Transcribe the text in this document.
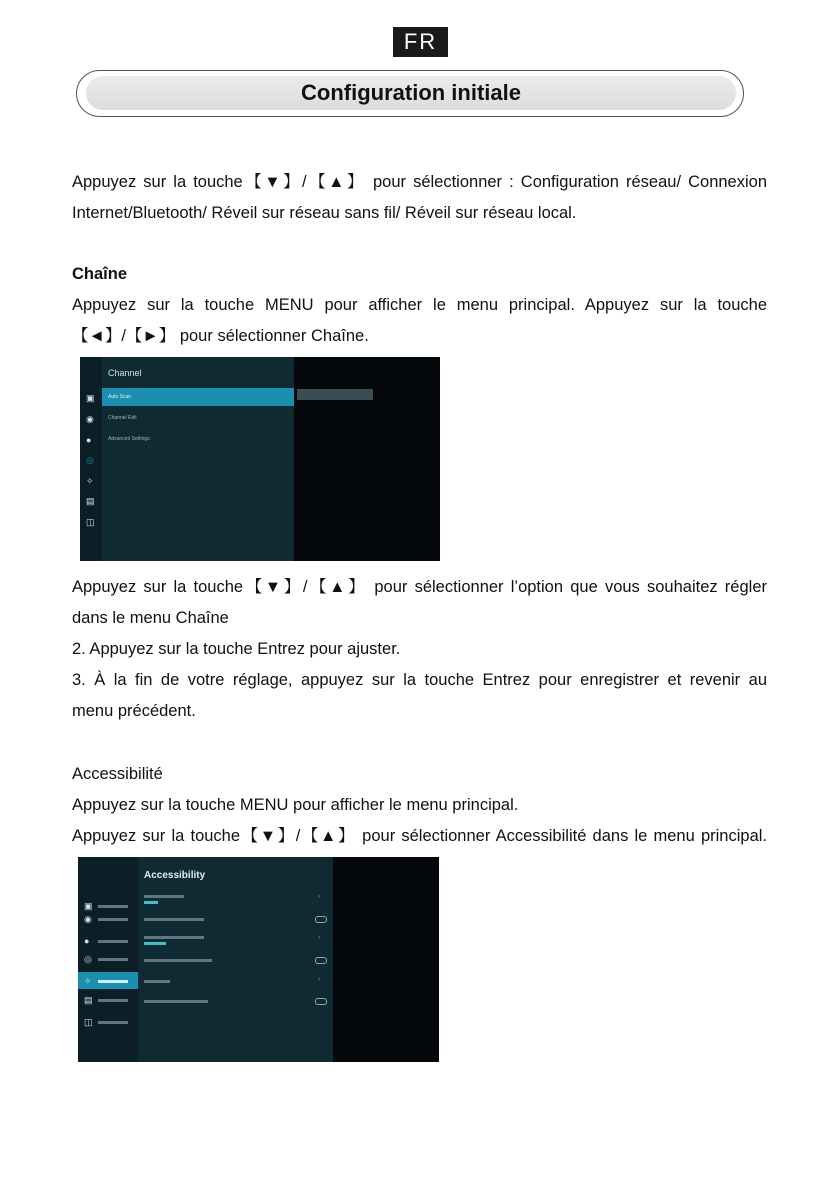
FR
Configuration initiale
Appuyez sur la touche【▼】/【▲】 pour sélectionner : Configuration réseau/ Connexion
Internet/Bluetooth/ Réveil sur réseau sans fil/ Réveil sur réseau local.
Chaîne
Appuyez sur la touche MENU pour afficher le menu principal. Appuyez sur la touche
【◄】/【►】 pour sélectionner Chaîne.
Channel
Auto Scan
Channel Edit
Advanced Settings
▣
◉
●
◎
✧
▤
◫
Appuyez sur la touche【▼】/【▲】 pour sélectionner l’option que vous souhaitez régler
dans le menu Chaîne
2. Appuyez sur la touche Entrez pour ajuster.
3. À la fin de votre réglage, appuyez sur la touche Entrez pour enregistrer et revenir au
menu précédent.
Accessibilité
Appuyez sur la touche MENU pour afficher le menu principal.
Appuyez sur la touche【▼】/【▲】 pour sélectionner Accessibilité dans le menu principal.
Accessibility
▣
◉
●
◎
✧
▤
◫
›
›
›
